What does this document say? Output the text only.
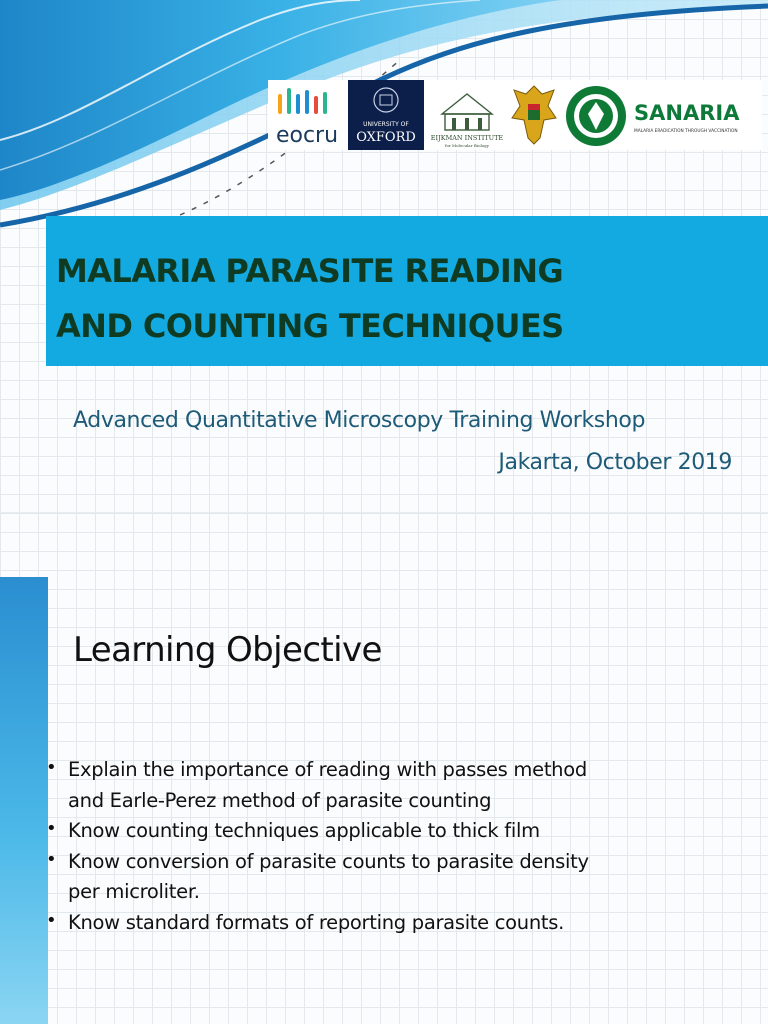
eocru	UNIVERSITY OF
OXFORD EIJKMAN INSTITUTE
for Molecular Biology
SANARIA
MALARIA ERADICATION THROUGH VACCINATION
MALARIA PARASITE READING
AND COUNTING TECHNIQUES
Advanced Quantitative Microscopy Training Workshop
Jakarta, October 2019
Learning Objective
• Explain the importance of reading with passes method
and Earle-Perez method of parasite counting
• Know counting techniques applicable to thick film
• Know conversion of parasite counts to parasite density
per microliter.
• Know standard formats of reporting parasite counts.
